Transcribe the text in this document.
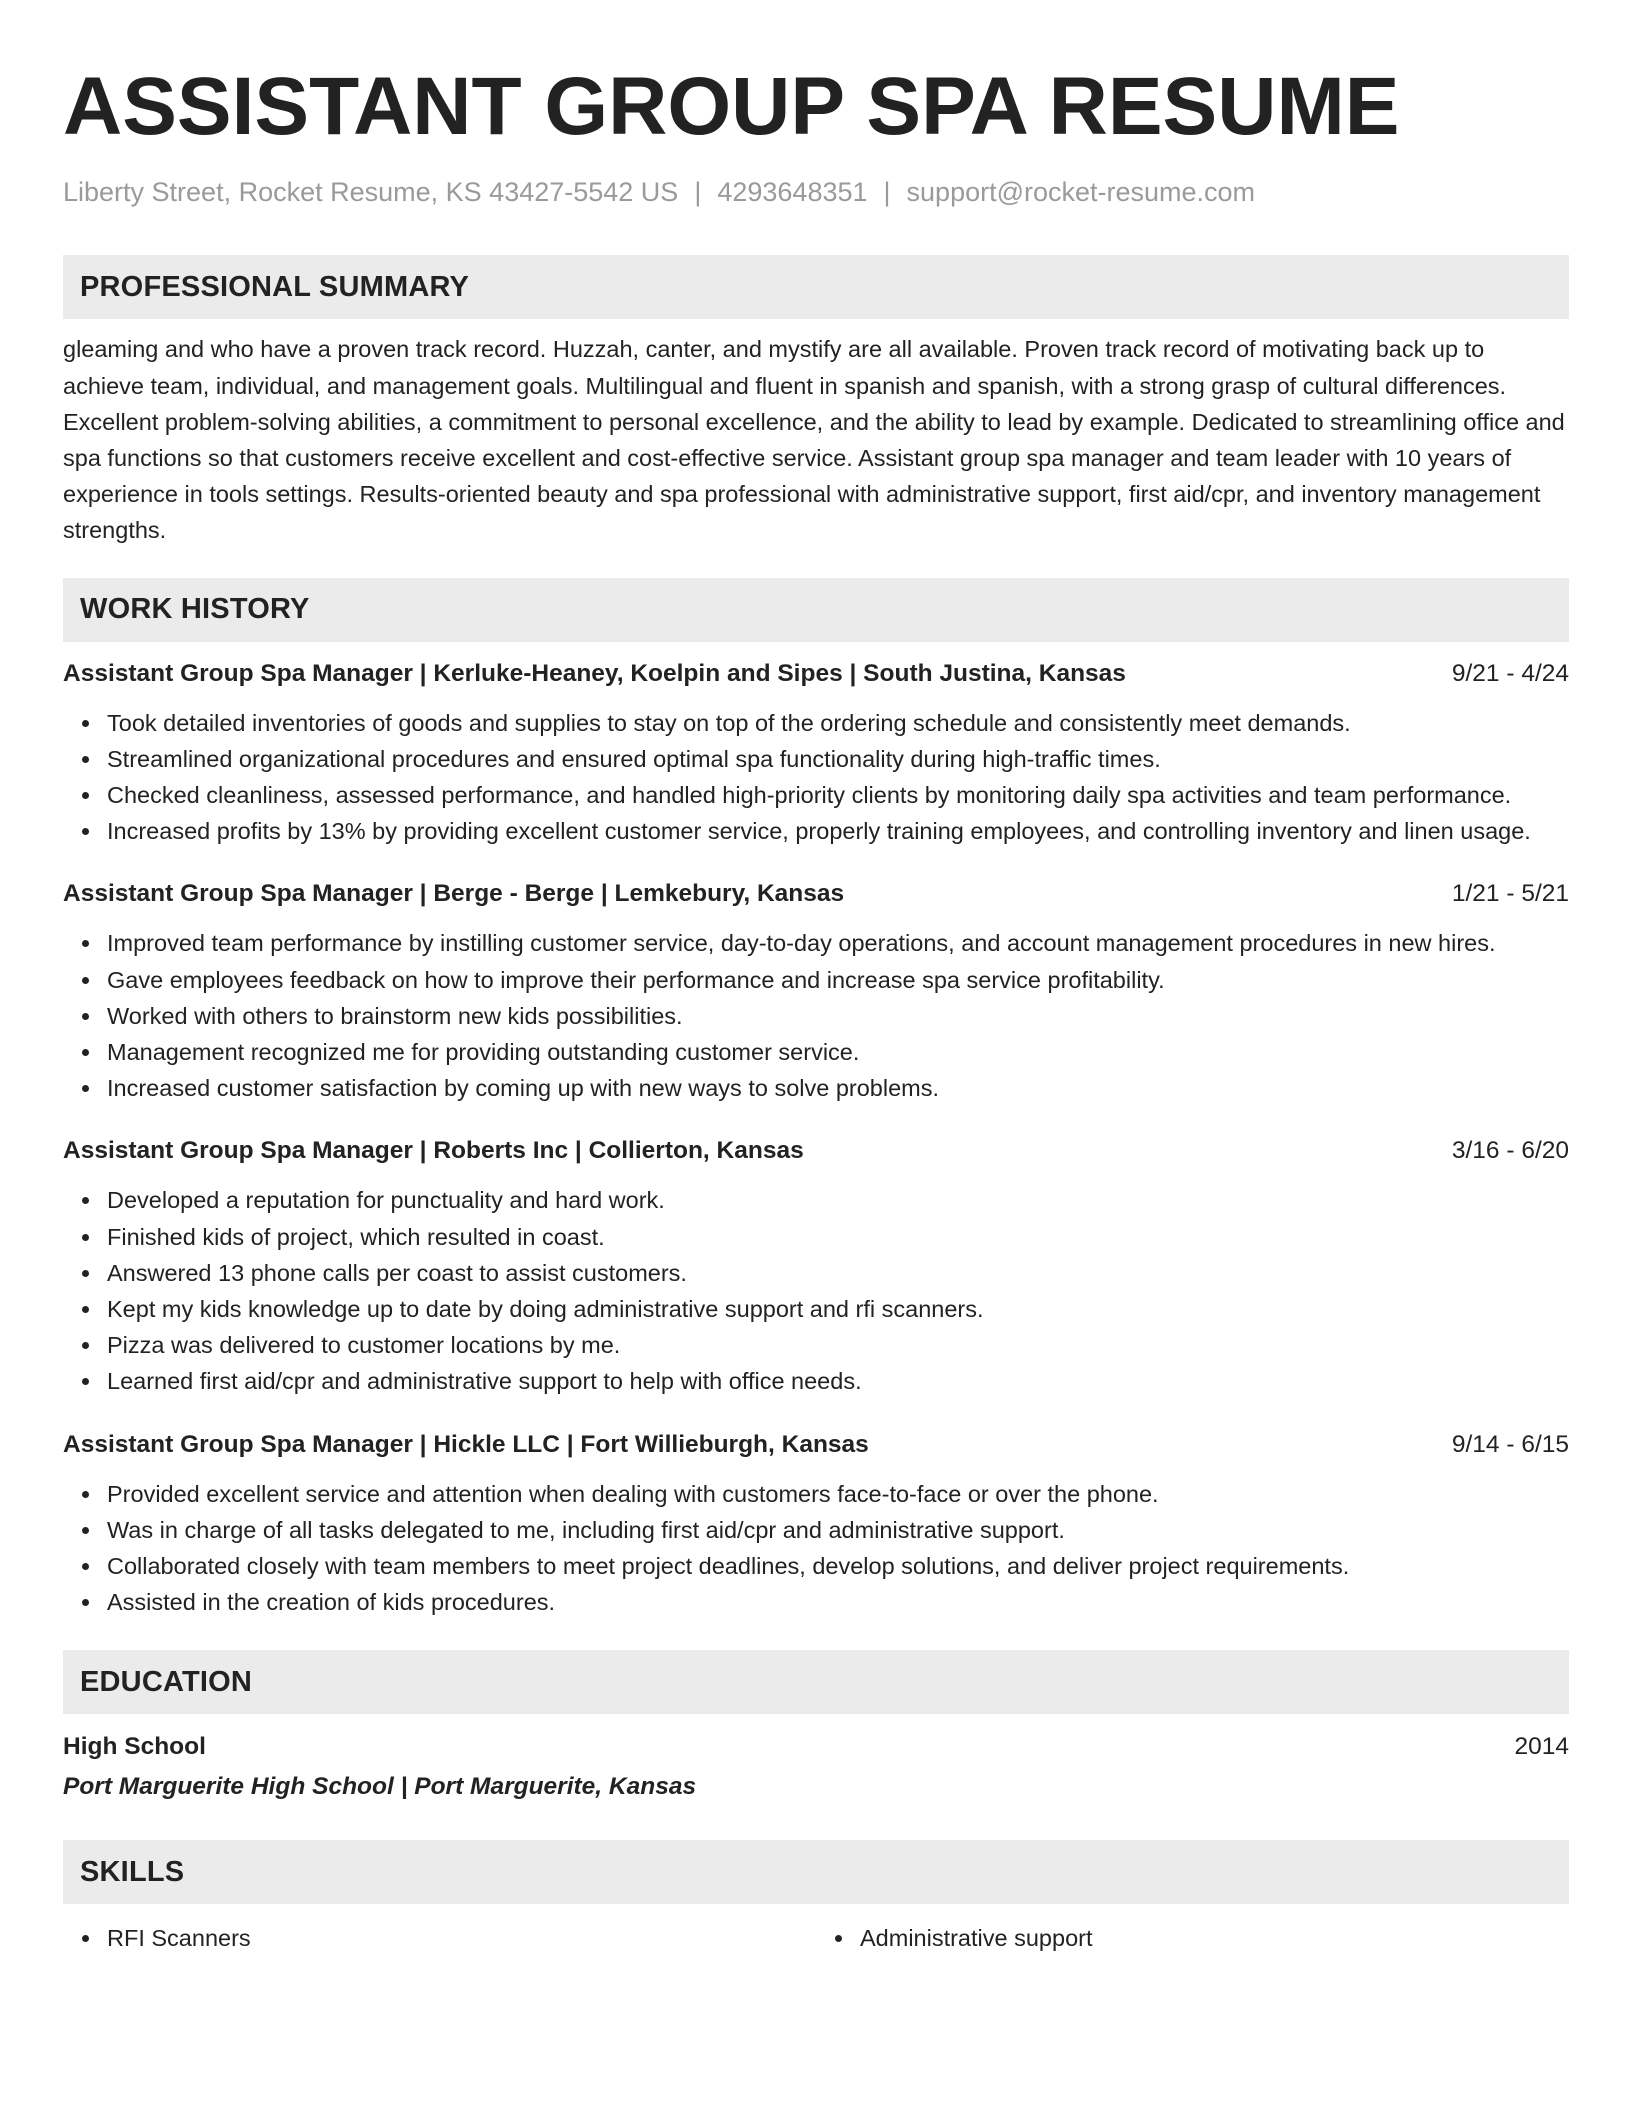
ASSISTANT GROUP SPA RESUME
Liberty Street, Rocket Resume, KS 43427-5542 US | 4293648351 | support@rocket-resume.com
PROFESSIONAL SUMMARY
gleaming and who have a proven track record. Huzzah, canter, and mystify are all available. Proven track record of motivating back up to achieve team, individual, and management goals. Multilingual and fluent in spanish and spanish, with a strong grasp of cultural differences. Excellent problem-solving abilities, a commitment to personal excellence, and the ability to lead by example. Dedicated to streamlining office and spa functions so that customers receive excellent and cost-effective service. Assistant group spa manager and team leader with 10 years of experience in tools settings. Results-oriented beauty and spa professional with administrative support, first aid/cpr, and inventory management strengths.
WORK HISTORY
Assistant Group Spa Manager | Kerluke-Heaney, Koelpin and Sipes | South Justina, Kansas	9/21 - 4/24
Took detailed inventories of goods and supplies to stay on top of the ordering schedule and consistently meet demands.
Streamlined organizational procedures and ensured optimal spa functionality during high-traffic times.
Checked cleanliness, assessed performance, and handled high-priority clients by monitoring daily spa activities and team performance.
Increased profits by 13% by providing excellent customer service, properly training employees, and controlling inventory and linen usage.
Assistant Group Spa Manager | Berge - Berge | Lemkebury, Kansas	1/21 - 5/21
Improved team performance by instilling customer service, day-to-day operations, and account management procedures in new hires.
Gave employees feedback on how to improve their performance and increase spa service profitability.
Worked with others to brainstorm new kids possibilities.
Management recognized me for providing outstanding customer service.
Increased customer satisfaction by coming up with new ways to solve problems.
Assistant Group Spa Manager | Roberts Inc | Collierton, Kansas	3/16 - 6/20
Developed a reputation for punctuality and hard work.
Finished kids of project, which resulted in coast.
Answered 13 phone calls per coast to assist customers.
Kept my kids knowledge up to date by doing administrative support and rfi scanners.
Pizza was delivered to customer locations by me.
Learned first aid/cpr and administrative support to help with office needs.
Assistant Group Spa Manager | Hickle LLC | Fort Willieburgh, Kansas	9/14 - 6/15
Provided excellent service and attention when dealing with customers face-to-face or over the phone.
Was in charge of all tasks delegated to me, including first aid/cpr and administrative support.
Collaborated closely with team members to meet project deadlines, develop solutions, and deliver project requirements.
Assisted in the creation of kids procedures.
EDUCATION
High School	2014
Port Marguerite High School | Port Marguerite, Kansas
SKILLS
RFI Scanners	Administrative support
